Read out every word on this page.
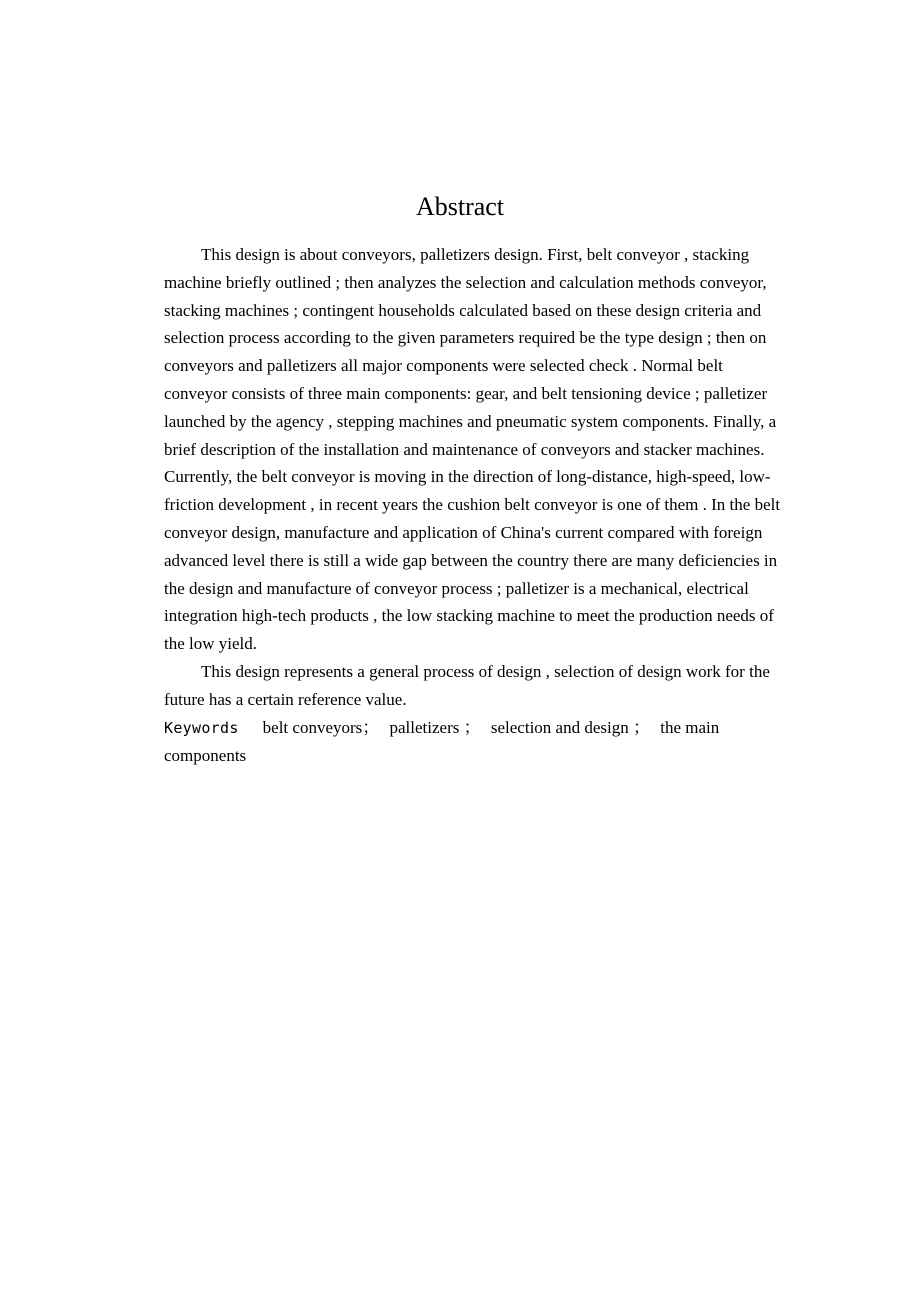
Abstract

This design is about conveyors, palletizers design. First, belt conveyor , stacking machine briefly outlined ; then analyzes the selection and calculation methods conveyor, stacking machines ; contingent households calculated based on these design criteria and selection process according to the given parameters required be the type design ; then on conveyors and palletizers all major components were selected check . Normal belt conveyor consists of three main components: gear, and belt tensioning device ; palletizer launched by the agency , stepping machines and pneumatic system components. Finally, a brief description of the installation and maintenance of conveyors and stacker machines. Currently, the belt conveyor is moving in the direction of long-distance, high-speed, low-friction development , in recent years the cushion belt conveyor is one of them . In the belt conveyor design, manufacture and application of China's current compared with foreign advanced level there is still a wide gap between the country there are many deficiencies in the design and manufacture of conveyor process ; palletizer is a mechanical, electrical integration high-tech products , the low stacking machine to meet the production needs of the low yield.

This design represents a general process of design , selection of design work for the future has a certain reference value.

Keywords belt conveyors； palletizers ； selection and design ； the main components
